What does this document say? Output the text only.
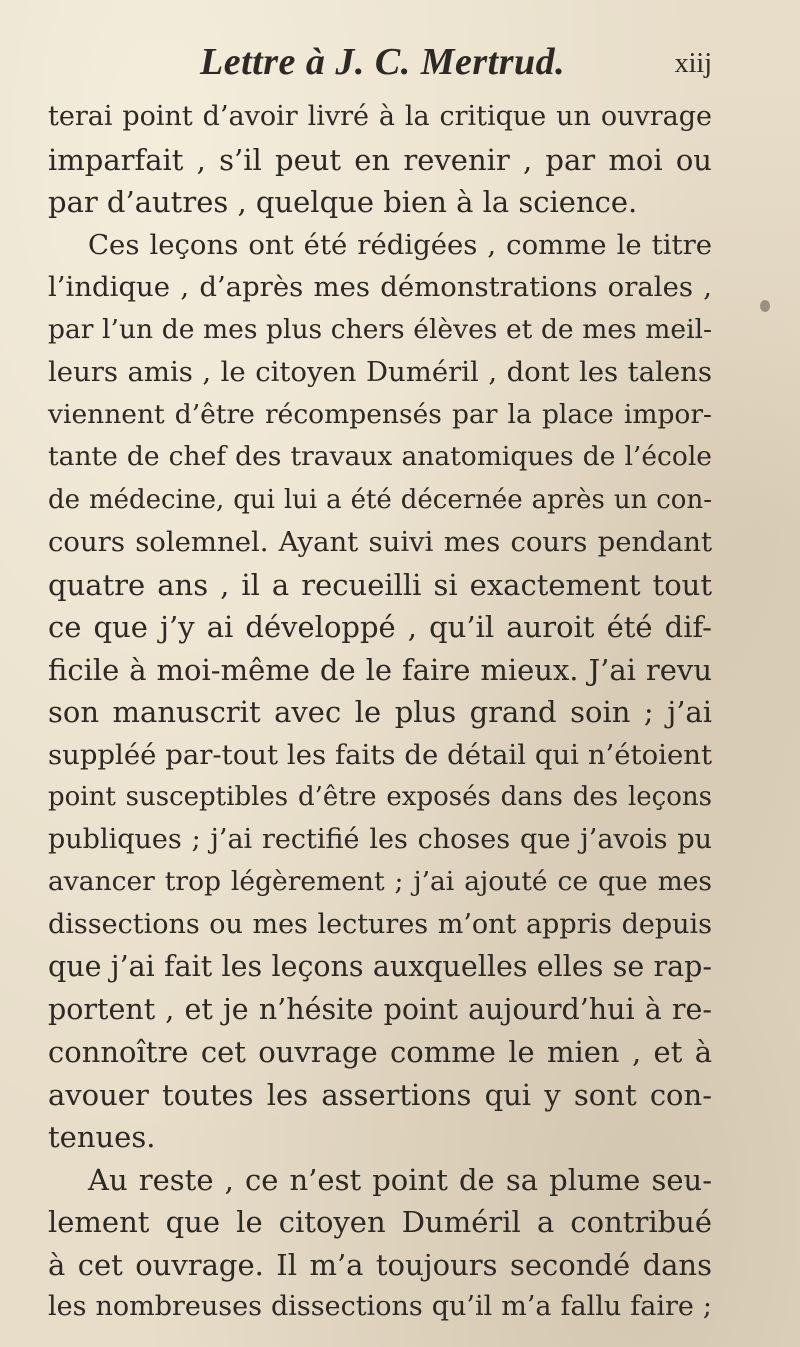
Lettre à J. C. Mertrud.	xiij
terai point d’avoir livré à la critique un ouvrage
imparfait , s’il peut en revenir , par moi ou
par d’autres , quelque bien à la science.
Ces leçons ont été rédigées , comme le titre
l’indique , d’après mes démonstrations orales ,
par l’un de mes plus chers élèves et de mes meil-
leurs amis , le citoyen Duméril , dont les talens
viennent d’être récompensés par la place impor-
tante de chef des travaux anatomiques de l’école
de médecine, qui lui a été décernée après un con-
cours solemnel. Ayant suivi mes cours pendant
quatre ans , il a recueilli si exactement tout
ce que j’y ai développé , qu’il auroit été dif-
ficile à moi-même de le faire mieux. J’ai revu
son manuscrit avec le plus grand soin ; j’ai
suppléé par-tout les faits de détail qui n’étoient
point susceptibles d’être exposés dans des leçons
publiques ; j’ai rectifié les choses que j’avois pu
avancer trop légèrement ; j’ai ajouté ce que mes
dissections ou mes lectures m’ont appris depuis
que j’ai fait les leçons auxquelles elles se rap-
portent , et je n’hésite point aujourd’hui à re-
connoître cet ouvrage comme le mien , et à
avouer toutes les assertions qui y sont con-
tenues.
Au reste , ce n’est point de sa plume seu-
lement que le citoyen Duméril a contribué
à cet ouvrage. Il m’a toujours secondé dans
les nombreuses dissections qu’il m’a fallu faire ;
